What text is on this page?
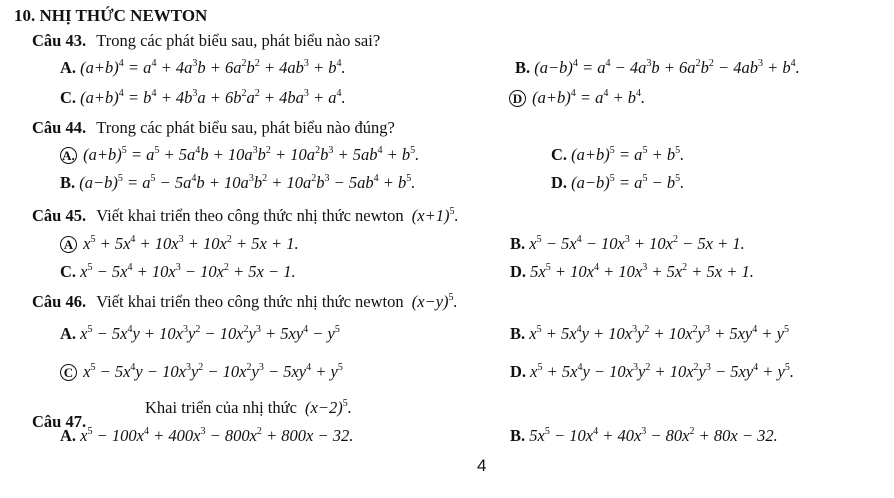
10. NHỊ THỨC NEWTON
Câu 43. Trong các phát biểu sau, phát biểu nào sai?
A. $(a+b)^4 = a^4 + 4a^3b + 6a^2b^2 + 4ab^3 + b^4$.	B. $(a-b)^4 = a^4 - 4a^3b + 6a^2b^2 - 4ab^3 + b^4$.
C. $(a+b)^4 = b^4 + 4b^3a + 6b^2a^2 + 4ba^3 + a^4$.	D $(a+b)^4 = a^4 + b^4$.
Câu 44. Trong các phát biểu sau, phát biểu nào đúng?
A. $(a+b)^5 = a^5 + 5a^4b + 10a^3b^2 + 10a^2b^3 + 5ab^4 + b^5$.	C. $(a+b)^5 = a^5 + b^5$.
B. $(a-b)^5 = a^5 - 5a^4b + 10a^3b^2 + 10a^2b^3 - 5ab^4 + b^5$.	D. $(a-b)^5 = a^5 - b^5$.
Câu 45. Viết khai triển theo công thức nhị thức newton $(x+1)^5$.
A $x^5 + 5x^4 + 10x^3 + 10x^2 + 5x + 1$.	B. $x^5 - 5x^4 - 10x^3 + 10x^2 - 5x + 1$.
C. $x^5 - 5x^4 + 10x^3 - 10x^2 + 5x - 1$.	D. $5x^5 + 10x^4 + 10x^3 + 5x^2 + 5x + 1$.
Câu 46. Viết khai triển theo công thức nhị thức newton $(x-y)^5$.
A. $x^5 - 5x^4y + 10x^3y^2 - 10x^2y^3 + 5xy^4 - y^5$	B. $x^5 + 5x^4y + 10x^3y^2 + 10x^2y^3 + 5xy^4 + y^5$
C $x^5 - 5x^4y - 10x^3y^2 - 10x^2y^3 - 5xy^4 + y^5$	D. $x^5 + 5x^4y - 10x^3y^2 + 10x^2y^3 - 5xy^4 + y^5$.
Câu 47.
Khai triển của nhị thức $(x-2)^5$.
A. $x^5 - 100x^4 + 400x^3 - 800x^2 + 800x - 32$.	B. $5x^5 - 10x^4 + 40x^3 - 80x^2 + 80x - 32$.
4
